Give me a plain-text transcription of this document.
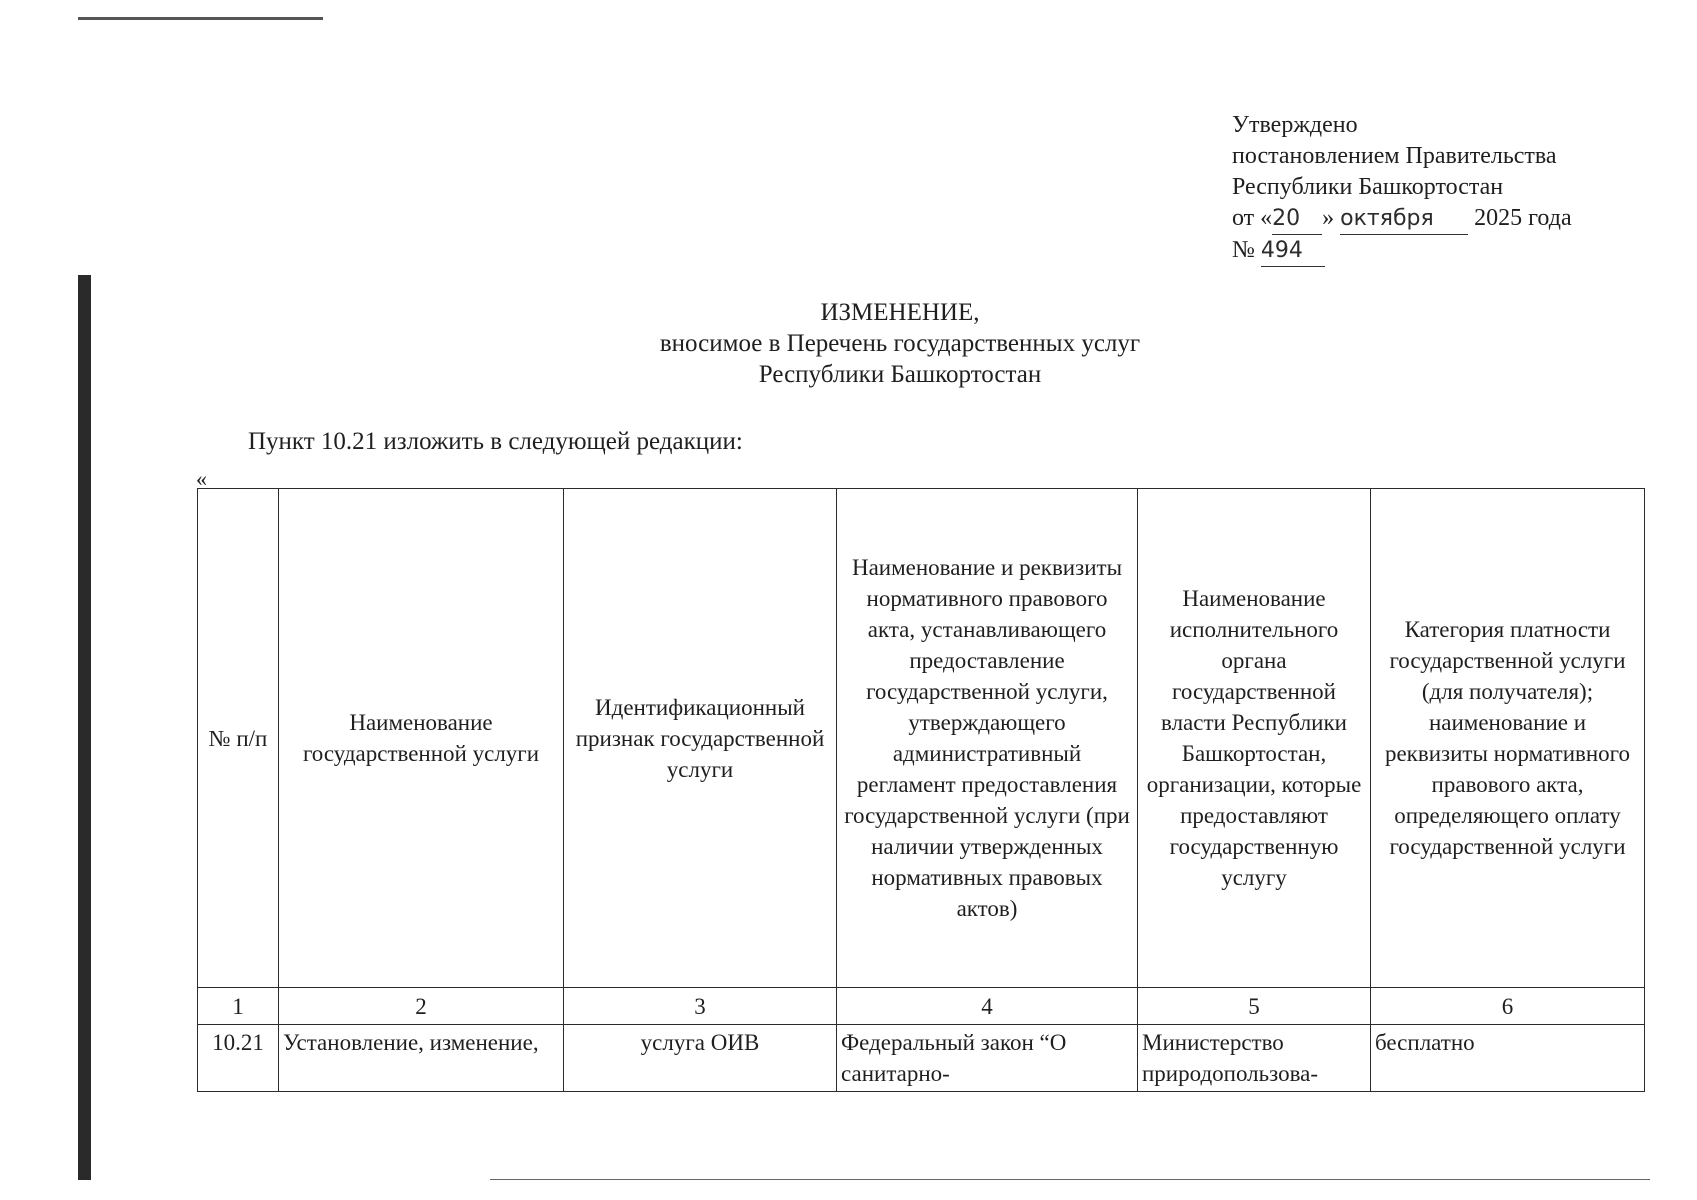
Утверждено
постановлением Правительства
Республики Башкортостан
от «20 » октября 2025 года
№ 494
ИЗМЕНЕНИЕ,
вносимое в Перечень государственных услуг
Республики Башкортостан
Пункт 10.21 изложить в следующей редакции:
«
№ п/п	Наименование государственной услуги	Идентификационный признак государственной услуги	Наименование и реквизиты нормативного правового акта, устанавливающего предоставление государственной услуги, утверждающего административный регламент предоставления государственной услуги (при наличии утвержденных нормативных правовых актов)	Наименование исполнительного органа государственной власти Республики Башкортостан, организации, которые предоставляют государственную услугу	Категория платности государственной услуги (для получателя); наименование и реквизиты нормативного правового акта, определяющего оплату государственной услуги
1	2	3	4	5	6
10.21	Установление, изменение,	услуга ОИВ	Федеральный закон “О санитарно-	Министерство природопользова-	бесплатно
